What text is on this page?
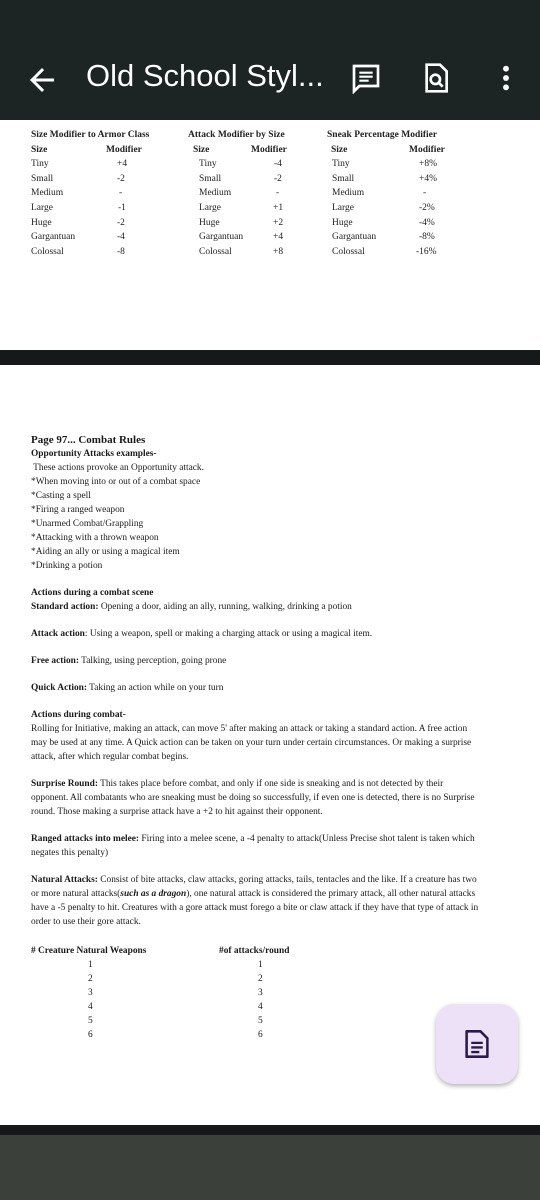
Old School Styl...
Size Modifier to Armor Class
Size	Modifier
Tiny	+4
Small	-2
Medium	-
Large	-1
Huge	-2
Gargantuan	-4
Colossal	-8
Attack Modifier by Size
Size	Modifier
Tiny	-4
Small	-2
Medium	-
Large	+1
Huge	+2
Gargantuan	+4
Colossal	+8
Sneak Percentage Modifier
Size	Modifier
Tiny	+8%
Small	+4%
Medium	-
Large	-2%
Huge	-4%
Gargantuan	-8%
Colossal	-16%

Page 97... Combat Rules

Opportunity Attacks examples-

These actions provoke an Opportunity attack.

*When moving into or out of a combat space

*Casting a spell

*Firing a ranged weapon

*Unarmed Combat/Grappling

*Attacking with a thrown weapon

*Aiding an ally or using a magical item

*Drinking a potion

Actions during a combat scene

Standard action: Opening a door, aiding an ally, running, walking, drinking a potion

Attack action: Using a weapon, spell or making a charging attack or using a magical item.

Free action: Talking, using perception, going prone

Quick Action: Taking an action while on your turn

Actions during combat-

Rolling for Initiative, making an attack, can move 5' after making an attack or taking a standard action. A free action may be used at any time. A Quick action can be taken on your turn under certain circumstances. Or making a surprise attack, after which regular combat begins.

Surprise Round: This takes place before combat, and only if one side is sneaking and is not detected by their opponent. All combatants who are sneaking must be doing so successfully, if even one is detected, there is no Surprise round. Those making a surprise attack have a +2 to hit against their opponent.

Ranged attacks into melee: Firing into a melee scene, a -4 penalty to attack(Unless Precise shot talent is taken which negates this penalty)

Natural Attacks: Consist of bite attacks, claw attacks, goring attacks, tails, tentacles and the like. If a creature has two or more natural attacks(such as a dragon), one natural attack is considered the primary attack, all other natural attacks have a -5 penalty to hit. Creatures with a gore attack must forego a bite or claw attack if they have that type of attack in order to use their gore attack.

# Creature Natural Weapons	#of attacks/round
1	1
2	2
3	3
4	4
5	5
6	6
